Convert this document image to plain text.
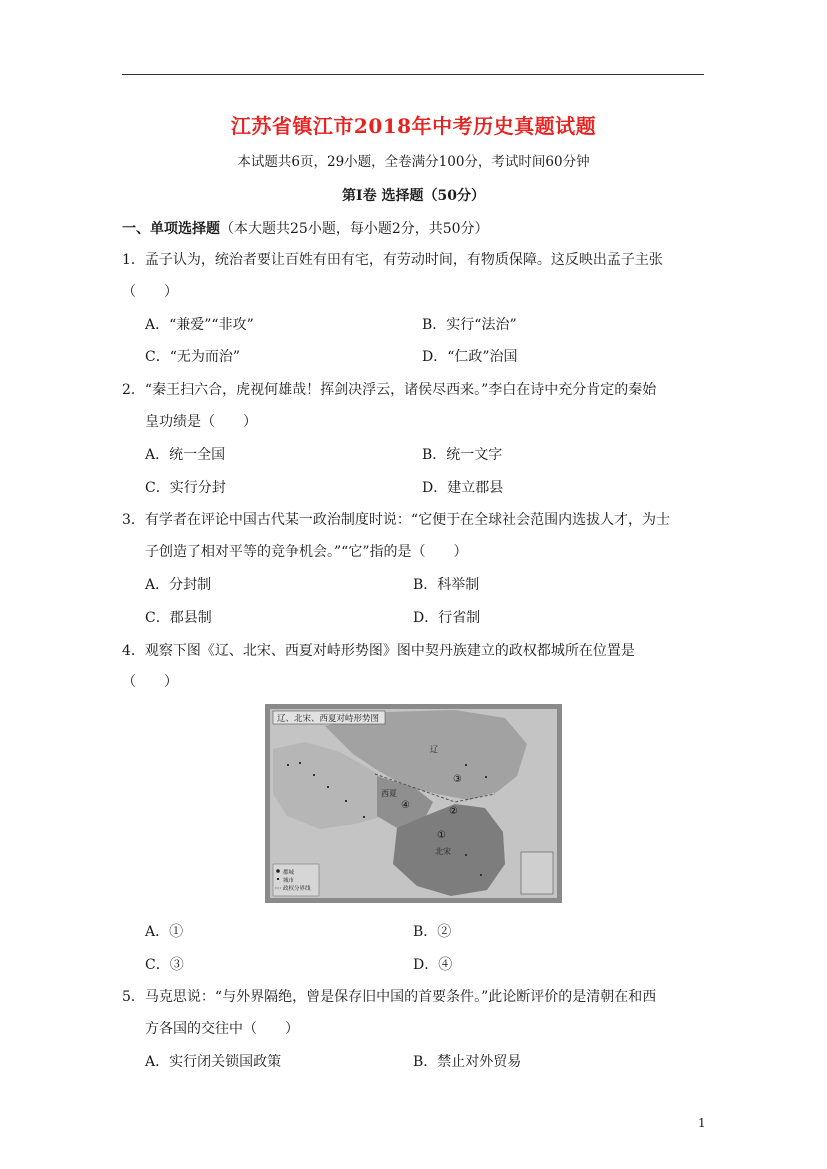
江苏省镇江市2018年中考历史真题试题
本试题共6页，29小题，全卷满分100分，考试时间60分钟
第Ⅰ卷 选择题（50分）
一、单项选择题（本大题共25小题，每小题2分，共50分）
1．孟子认为，统治者要让百姓有田有宅，有劳动时间，有物质保障。这反映出孟子主张
（　　）
A．“兼爱”“非攻”	B．实行“法治”
C．“无为而治”	D．“仁政”治国
2．“秦王扫六合，虎视何雄哉！挥剑决浮云，诸侯尽西来。”李白在诗中充分肯定的秦始
皇功绩是（　　）
A．统一全国	B．统一文字
C．实行分封	D．建立郡县
3．有学者在评论中国古代某一政治制度时说：“它便于在全球社会范围内选拔人才，为士
子创造了相对平等的竞争机会。”“它”指的是（　　）
A．分封制	B．科举制
C．郡县制	D．行省制
4．观察下图《辽、北宋、西夏对峙形势图》图中契丹族建立的政权都城所在位置是
（　　）
辽、北宋、西夏对峙形势图
辽
西夏
北宋
③
④
②
①
都城
城市
政权分界线
A．①	B．②
C．③	D．④
5．马克思说：“与外界隔绝，曾是保存旧中国的首要条件。”此论断评价的是清朝在和西
方各国的交往中（　　）
A．实行闭关锁国政策	B．禁止对外贸易
1
